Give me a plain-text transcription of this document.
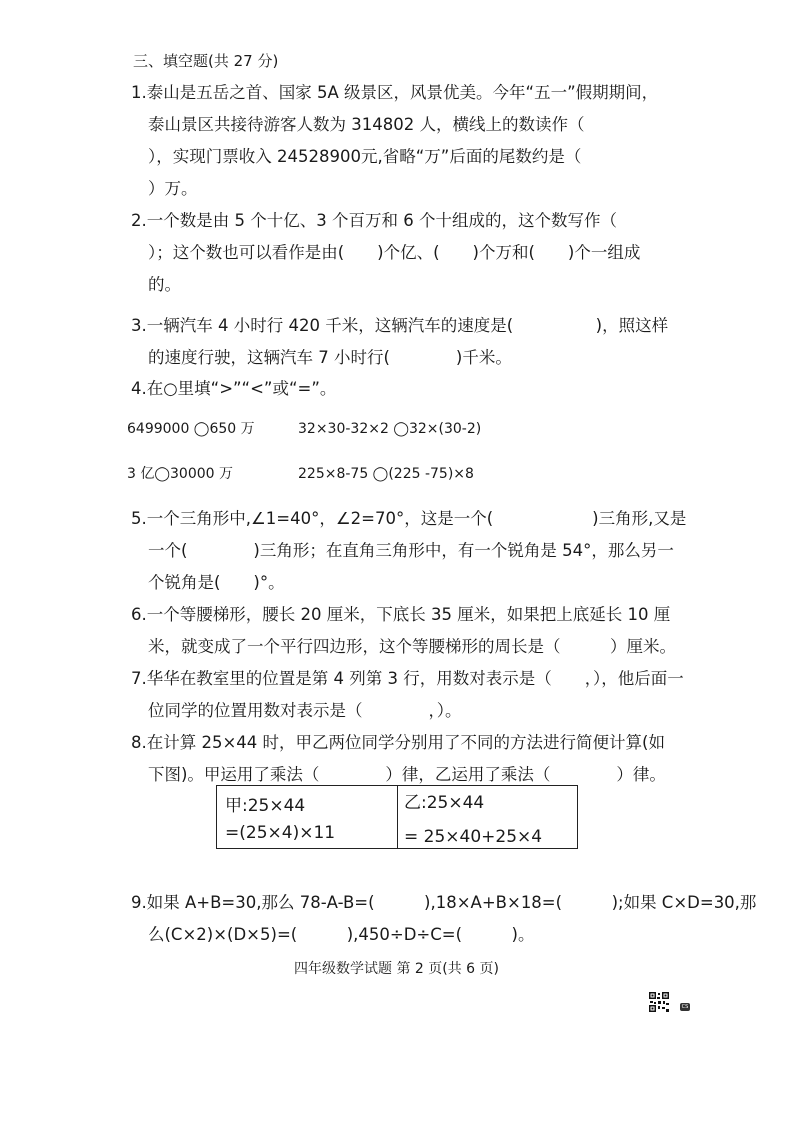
三、填空题(共 27 分)
1.泰山是五岳之首、国家 5A 级景区，风景优美。今年“五一”假期期间，
泰山景区共接待游客人数为 314802 人，横线上的数读作（
），实现门票收入 24528900元,省略“万”后面的尾数约是（
）万。
2.一个数是由 5 个十亿、3 个百万和 6 个十组成的，这个数写作（
）；这个数也可以看作是由(　　)个亿、(　　)个万和(　　)个一组成
的。
3.一辆汽车 4 小时行 420 千米，这辆汽车的速度是(　　　　　)，照这样
的速度行驶，这辆汽车 7 小时行(　　　　)千米。
4.在○里填“>”“<”或“=”。
6499000 ◯650 万	32×30-32×2 ◯32×(30-2)
3 亿◯30000 万	225×8-75 ◯(225 -75)×8
5.一个三角形中,∠1=40°，∠2=70°，这是一个(　　　　　　)三角形,又是
一个(　　　　)三角形；在直角三角形中，有一个锐角是 54°，那么另一
个锐角是(　　)°。
6.一个等腰梯形，腰长 20 厘米，下底长 35 厘米，如果把上底延长 10 厘
米，就变成了一个平行四边形，这个等腰梯形的周长是（　　　）厘米。
7.华华在教室里的位置是第 4 列第 3 行，用数对表示是（　　，），他后面一
位同学的位置用数对表示是（　　　　，）。
8.在计算 25×44 时，甲乙两位同学分别用了不同的方法进行简便计算(如
下图)。甲运用了乘法（　　　　）律，乙运用了乘法（　　　　）律。
甲:25×44
=(25×4)×11
乙:25×44
= 25×40+25×4
9.如果 A+B=30,那么 78-A-B=(　　　),18×A+B×18=(　　　);如果 C×D=30,那
么(C×2)×(D×5)=(　　　),450÷D÷C=(　　　)。
四年级数学试题 第 2 页(共 6 页)
CS
